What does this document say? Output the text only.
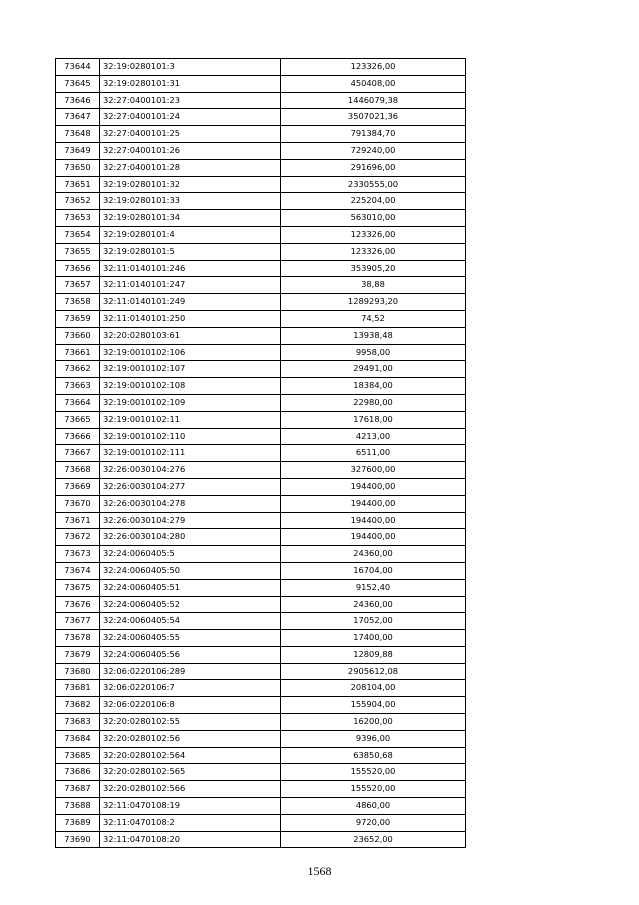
73644	32:19:0280101:3	123326,00
73645	32:19:0280101:31	450408,00
73646	32:27:0400101:23	1446079,38
73647	32:27:0400101:24	3507021,36
73648	32:27:0400101:25	791384,70
73649	32:27:0400101:26	729240,00
73650	32:27:0400101:28	291696,00
73651	32:19:0280101:32	2330555,00
73652	32:19:0280101:33	225204,00
73653	32:19:0280101:34	563010,00
73654	32:19:0280101:4	123326,00
73655	32:19:0280101:5	123326,00
73656	32:11:0140101:246	353905,20
73657	32:11:0140101:247	38,88
73658	32:11:0140101:249	1289293,20
73659	32:11:0140101:250	74,52
73660	32:20:0280103:61	13938,48
73661	32:19:0010102:106	9958,00
73662	32:19:0010102:107	29491,00
73663	32:19:0010102:108	18384,00
73664	32:19:0010102:109	22980,00
73665	32:19:0010102:11	17618,00
73666	32:19:0010102:110	4213,00
73667	32:19:0010102:111	6511,00
73668	32:26:0030104:276	327600,00
73669	32:26:0030104:277	194400,00
73670	32:26:0030104:278	194400,00
73671	32:26:0030104:279	194400,00
73672	32:26:0030104:280	194400,00
73673	32:24:0060405:5	24360,00
73674	32:24:0060405:50	16704,00
73675	32:24:0060405:51	9152,40
73676	32:24:0060405:52	24360,00
73677	32:24:0060405:54	17052,00
73678	32:24:0060405:55	17400,00
73679	32:24:0060405:56	12809,88
73680	32:06:0220106:289	2905612,08
73681	32:06:0220106:7	208104,00
73682	32:06:0220106:8	155904,00
73683	32:20:0280102:55	16200,00
73684	32:20:0280102:56	9396,00
73685	32:20:0280102:564	63850,68
73686	32:20:0280102:565	155520,00
73687	32:20:0280102:566	155520,00
73688	32:11:0470108:19	4860,00
73689	32:11:0470108:2	9720,00
73690	32:11:0470108:20	23652,00
1568
